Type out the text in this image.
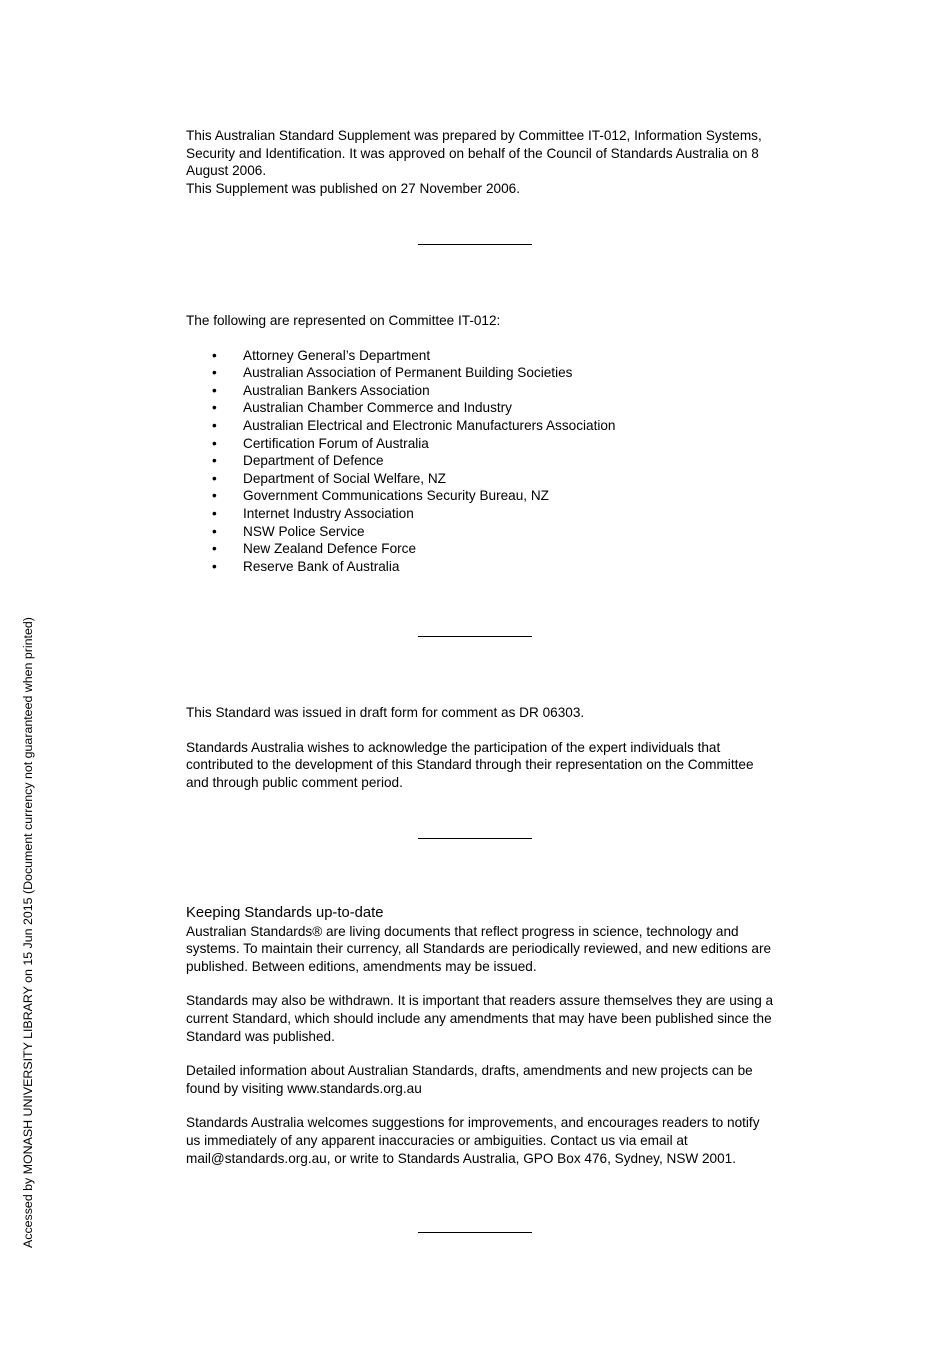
This Australian Standard Supplement was prepared by Committee IT-012, Information Systems, Security and Identification. It was approved on behalf of the Council of Standards Australia on 8 August 2006.

This Supplement was published on 27 November 2006.

The following are represented on Committee IT-012:

• Attorney General’s Department
• Australian Association of Permanent Building Societies
• Australian Bankers Association
• Australian Chamber Commerce and Industry
• Australian Electrical and Electronic Manufacturers Association
• Certification Forum of Australia
• Department of Defence
• Department of Social Welfare, NZ
• Government Communications Security Bureau, NZ
• Internet Industry Association
• NSW Police Service
• New Zealand Defence Force
• Reserve Bank of Australia

This Standard was issued in draft form for comment as DR 06303.

Standards Australia wishes to acknowledge the participation of the expert individuals that contributed to the development of this Standard through their representation on the Committee and through public comment period.

Keeping Standards up-to-date

Australian Standards® are living documents that reflect progress in science, technology and systems. To maintain their currency, all Standards are periodically reviewed, and new editions are published. Between editions, amendments may be issued.

Standards may also be withdrawn. It is important that readers assure themselves they are using a current Standard, which should include any amendments that may have been published since the Standard was published.

Detailed information about Australian Standards, drafts, amendments and new projects can be found by visiting www.standards.org.au

Standards Australia welcomes suggestions for improvements, and encourages readers to notify us immediately of any apparent inaccuracies or ambiguities. Contact us via email at mail@standards.org.au, or write to Standards Australia, GPO Box 476, Sydney, NSW 2001.

Accessed by MONASH UNIVERSITY LIBRARY on 15 Jun 2015 (Document currency not guaranteed when printed)
